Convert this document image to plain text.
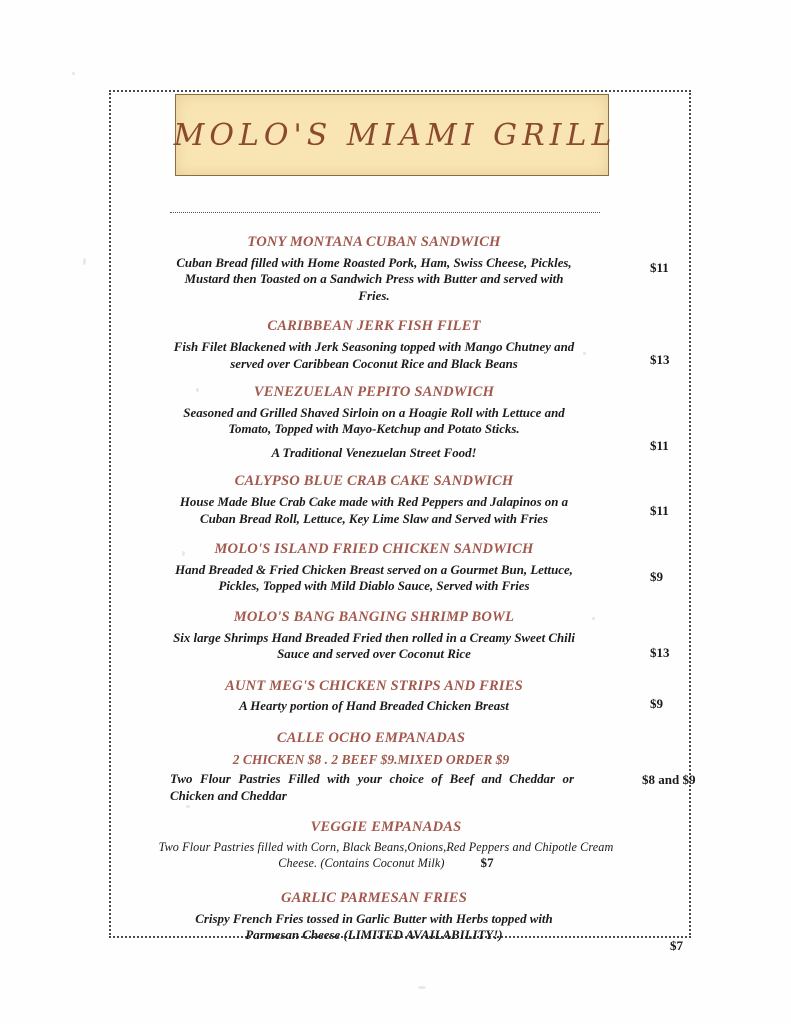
MOLO'S MIAMI GRILL
TONY MONTANA CUBAN SANDWICH
Cuban Bread filled with Home Roasted Pork, Ham, Swiss Cheese, Pickles, Mustard then Toasted on a Sandwich Press with Butter and served with Fries.
$11
CARIBBEAN JERK FISH FILET
Fish Filet Blackened with Jerk Seasoning topped with Mango Chutney and served over Caribbean Coconut Rice and Black Beans	$13
VENEZUELAN PEPITO SANDWICH
Seasoned and Grilled Shaved Sirloin on a Hoagie Roll with Lettuce and Tomato, Topped with Mayo-Ketchup and Potato Sticks.
A Traditional Venezuelan Street Food!	$11
CALYPSO BLUE CRAB CAKE SANDWICH
House Made Blue Crab Cake made with Red Peppers and Jalapinos on a Cuban Bread Roll, Lettuce, Key Lime Slaw and Served with Fries
$11
MOLO'S ISLAND FRIED CHICKEN SANDWICH
Hand Breaded & Fried Chicken Breast served on a Gourmet Bun, Lettuce, Pickles, Topped with Mild Diablo Sauce, Served with Fries
$9
MOLO'S BANG BANGING SHRIMP BOWL
Six large Shrimps Hand Breaded Fried then rolled in a Creamy Sweet Chili Sauce and served over Coconut Rice	$13
AUNT MEG'S CHICKEN STRIPS AND FRIES
A Hearty portion of Hand Breaded Chicken Breast	$9
CALLE OCHO EMPANADAS
2 CHICKEN $8 . 2 BEEF $9.MIXED ORDER $9
Two Flour Pastries Filled with your choice of Beef and Cheddar or Chicken and Cheddar
$8 and $9
VEGGIE EMPANADAS
Two Flour Pastries filled with Corn, Black Beans,Onions,Red Peppers and Chipotle Cream Cheese. (Contains Coconut Milk)	$7
GARLIC PARMESAN FRIES
Crispy French Fries tossed in Garlic Butter with Herbs topped with Parmesan Cheese (LIMITED AVAILABILITY!)
$7
